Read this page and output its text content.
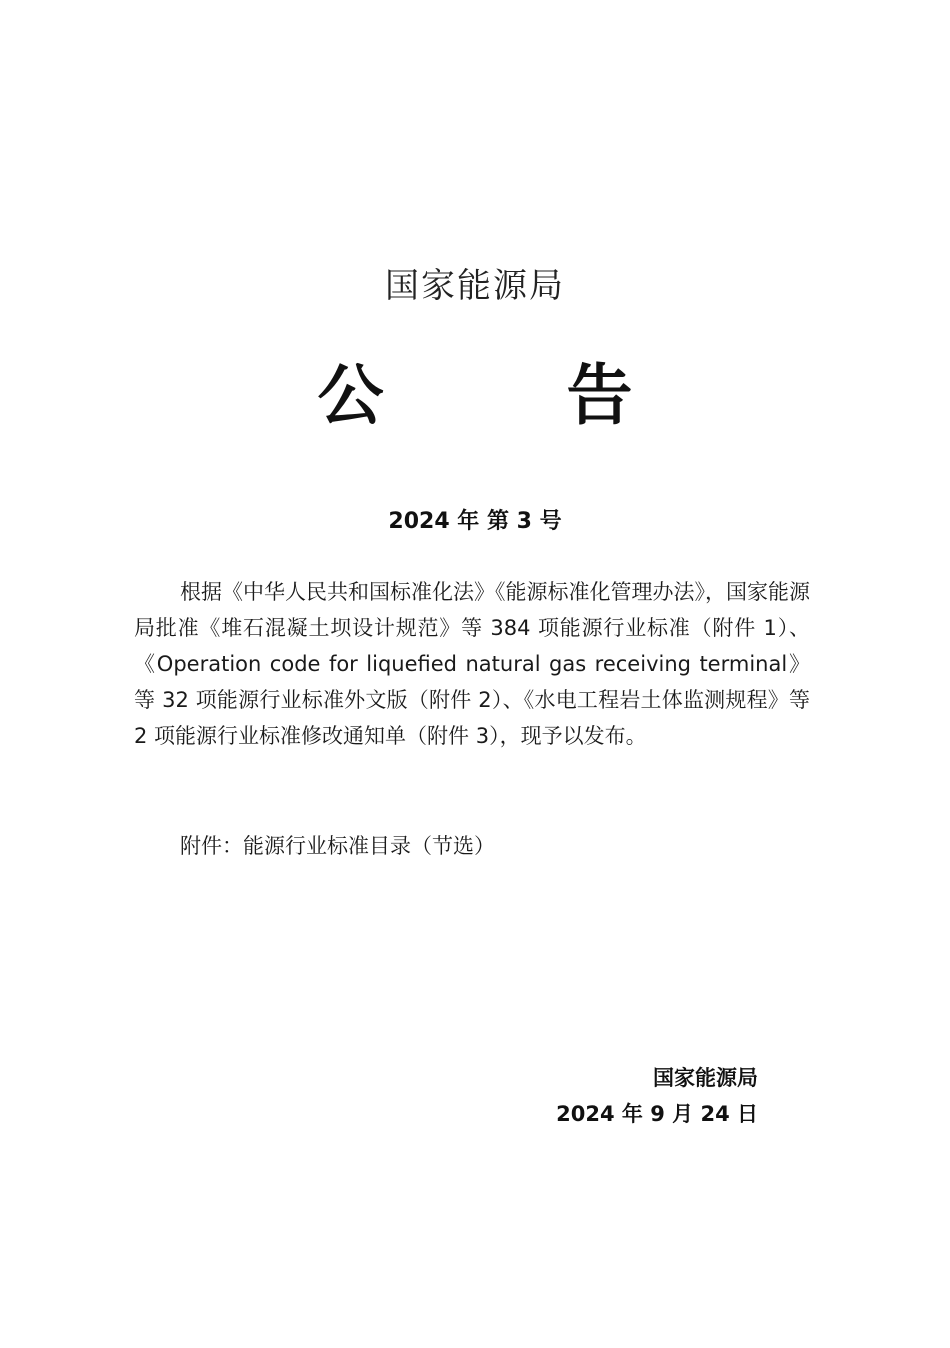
国家能源局
公 告
2024 年 第 3 号
根据《中华人民共和国标准化法》《能源标准化管理办法》，国家能源局批准《堆石混凝土坝设计规范》等 384 项能源行业标准（附件 1）、《Operation code for liquefied natural gas receiving terminal》等 32 项能源行业标准外文版（附件 2）、《水电工程岩土体监测规程》等 2 项能源行业标准修改通知单（附件 3），现予以发布。
附件：能源行业标准目录（节选）
国家能源局
2024 年 9 月 24 日
